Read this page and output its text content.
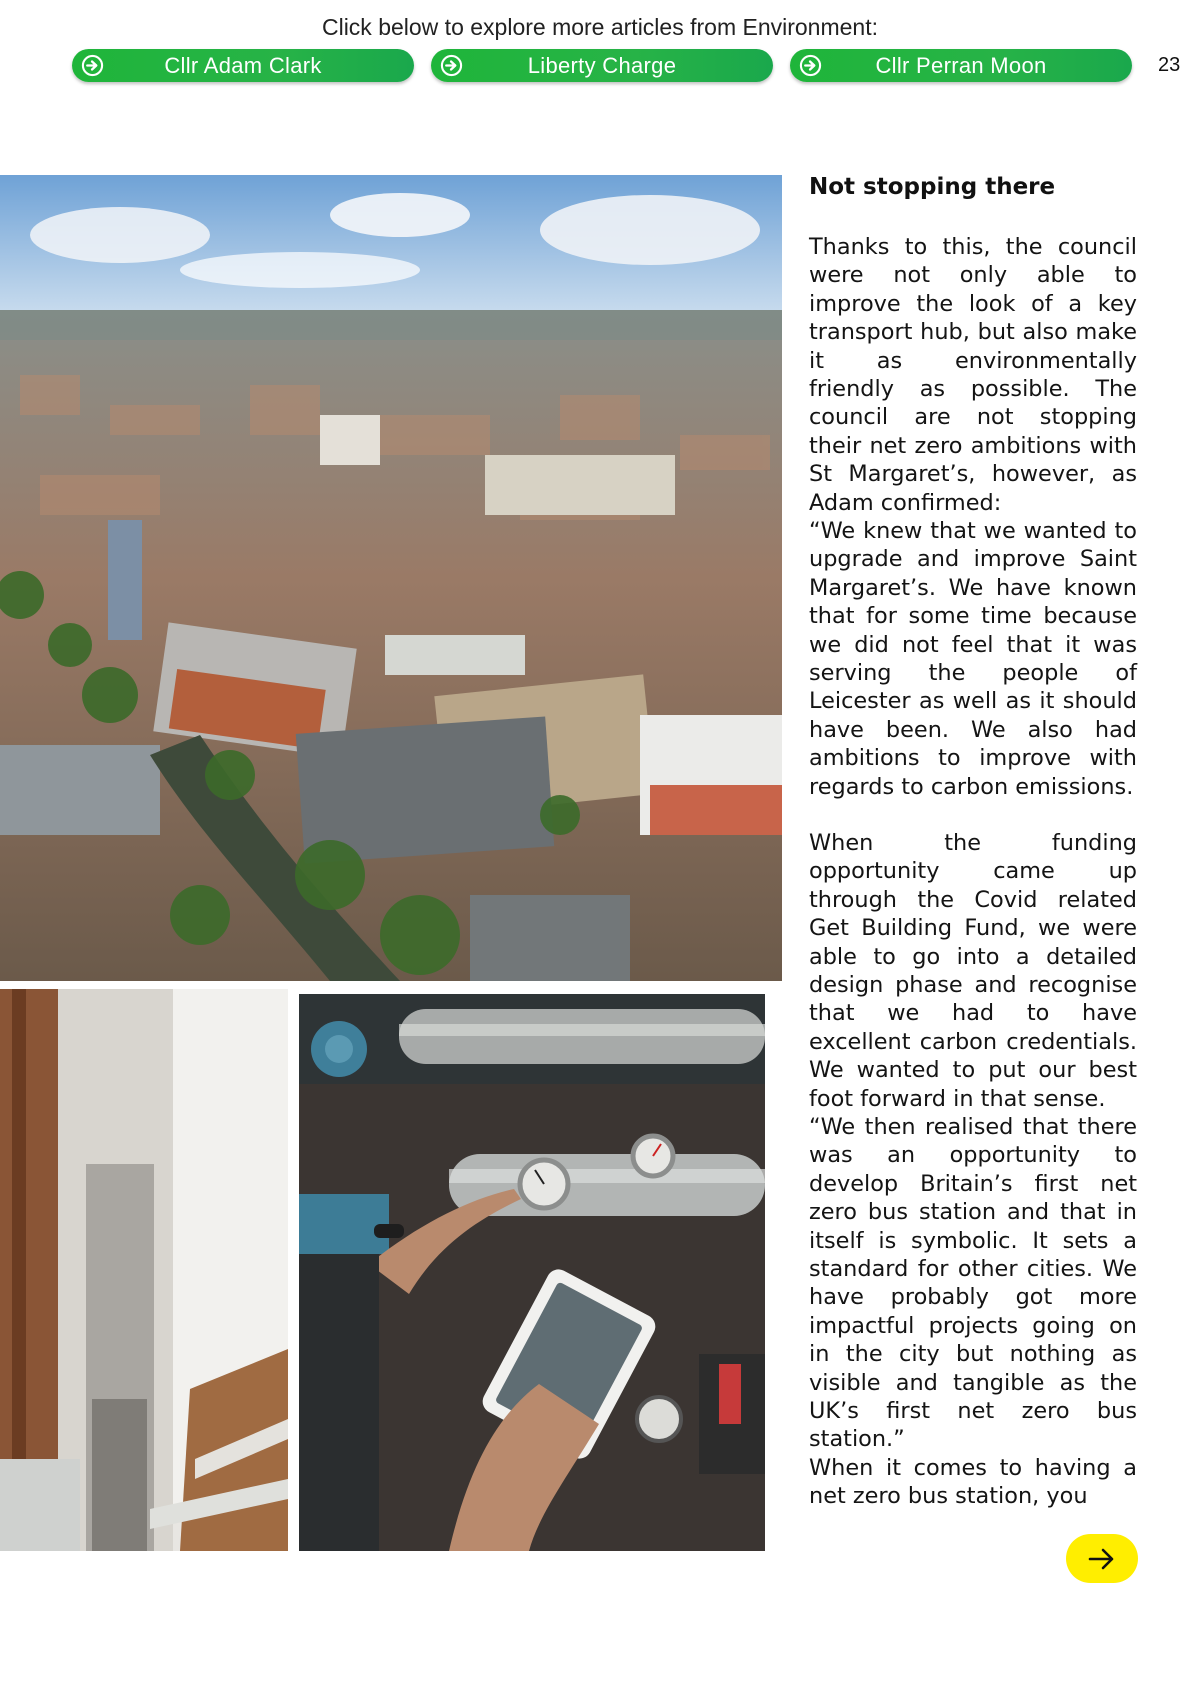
Click below to explore more articles from Environment:
Cllr Adam Clark	Liberty Charge	Cllr Perran Moon	23
Not stopping there

Thanks to this, the council were not only able to improve the look of a key transport hub, but also make it as environmentally friendly as possible. The council are not stopping their net zero ambitions with St Margaret’s, however, as Adam confirmed:

“We knew that we wanted to upgrade and improve Saint Margaret’s. We have known that for some time because we did not feel that it was serving the people of Leicester as well as it should have been. We also had ambitions to improve with regards to carbon emissions.

When the funding opportunity came up through the Covid related Get Building Fund, we were able to go into a detailed design phase and recognise that we had to have excellent carbon credentials. We wanted to put our best foot forward in that sense.

“We then realised that there was an opportunity to develop Britain’s first net zero bus station and that in itself is symbolic. It sets a standard for other cities. We have probably got more impactful projects going on in the city but nothing as visible and tangible as the UK’s first net zero bus station.”

When it comes to having a net zero bus station, you
